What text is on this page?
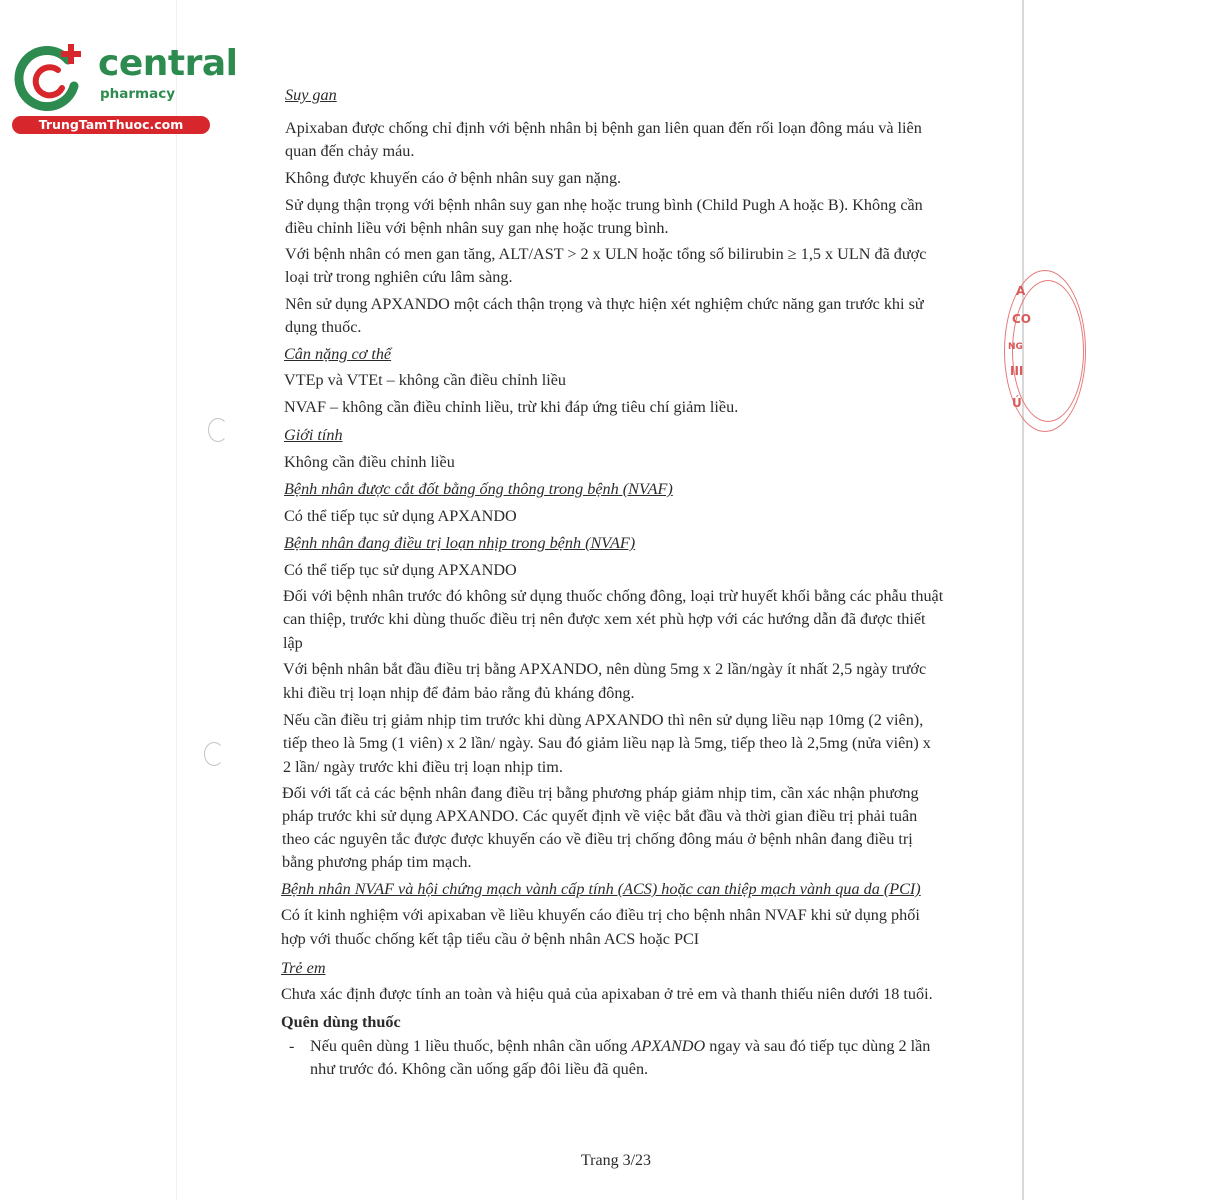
central
pharmacy
TrungTamThuoc.com
A
CO
NG
III
Ú

Suy gan

Apixaban được chống chỉ định với bệnh nhân bị bệnh gan liên quan đến rối loạn đông máu và liên

quan đến chảy máu.

Không được khuyến cáo ở bệnh nhân suy gan nặng.

Sử dụng thận trọng với bệnh nhân suy gan nhẹ hoặc trung bình (Child Pugh A hoặc B). Không cần

điều chỉnh liều với bệnh nhân suy gan nhẹ hoặc trung bình.

Với bệnh nhân có men gan tăng, ALT/AST > 2 x ULN hoặc tổng số bilirubin ≥ 1,5 x ULN đã được

loại trừ trong nghiên cứu lâm sàng.

Nên sử dụng APXANDO một cách thận trọng và thực hiện xét nghiệm chức năng gan trước khi sử

dụng thuốc.

Cân nặng cơ thể

VTEp và VTEt – không cần điều chỉnh liều

NVAF – không cần điều chỉnh liều, trừ khi đáp ứng tiêu chí giảm liều.

Giới tính

Không cần điều chỉnh liều

Bệnh nhân được cắt đốt bằng ống thông trong bệnh (NVAF)

Có thể tiếp tục sử dụng APXANDO

Bệnh nhân đang điều trị loạn nhịp trong bệnh (NVAF)

Có thể tiếp tục sử dụng APXANDO

Đối với bệnh nhân trước đó không sử dụng thuốc chống đông, loại trừ huyết khối bằng các phẫu thuật

can thiệp, trước khi dùng thuốc điều trị nên được xem xét phù hợp với các hướng dẫn đã được thiết

lập

Với bệnh nhân bắt đầu điều trị bằng APXANDO, nên dùng 5mg x 2 lần/ngày ít nhất 2,5 ngày trước

khi điều trị loạn nhịp để đảm bảo rằng đủ kháng đông.

Nếu cần điều trị giảm nhịp tim trước khi dùng APXANDO thì nên sử dụng liều nạp 10mg (2 viên),

tiếp theo là 5mg (1 viên) x 2 lần/ ngày. Sau đó giảm liều nạp là 5mg, tiếp theo là 2,5mg (nửa viên) x

2 lần/ ngày trước khi điều trị loạn nhịp tim.

Đối với tất cả các bệnh nhân đang điều trị bằng phương pháp giảm nhịp tim, cần xác nhận phương

pháp trước khi sử dụng APXANDO. Các quyết định về việc bắt đầu và thời gian điều trị phải tuân

theo các nguyên tắc được được khuyến cáo về điều trị chống đông máu ở bệnh nhân đang điều trị

bằng phương pháp tim mạch.

Bệnh nhân NVAF và hội chứng mạch vành cấp tính (ACS) hoặc can thiệp mạch vành qua da (PCI)

Có ít kinh nghiệm với apixaban về liều khuyến cáo điều trị cho bệnh nhân NVAF khi sử dụng phối

hợp với thuốc chống kết tập tiểu cầu ở bệnh nhân ACS hoặc PCI

Trẻ em

Chưa xác định được tính an toàn và hiệu quả của apixaban ở trẻ em và thanh thiếu niên dưới 18 tuổi.

Quên dùng thuốc

- Nếu quên dùng 1 liều thuốc, bệnh nhân cần uống APXANDO ngay và sau đó tiếp tục dùng 2 lần

như trước đó. Không cần uống gấp đôi liều đã quên.

Trang 3/23
